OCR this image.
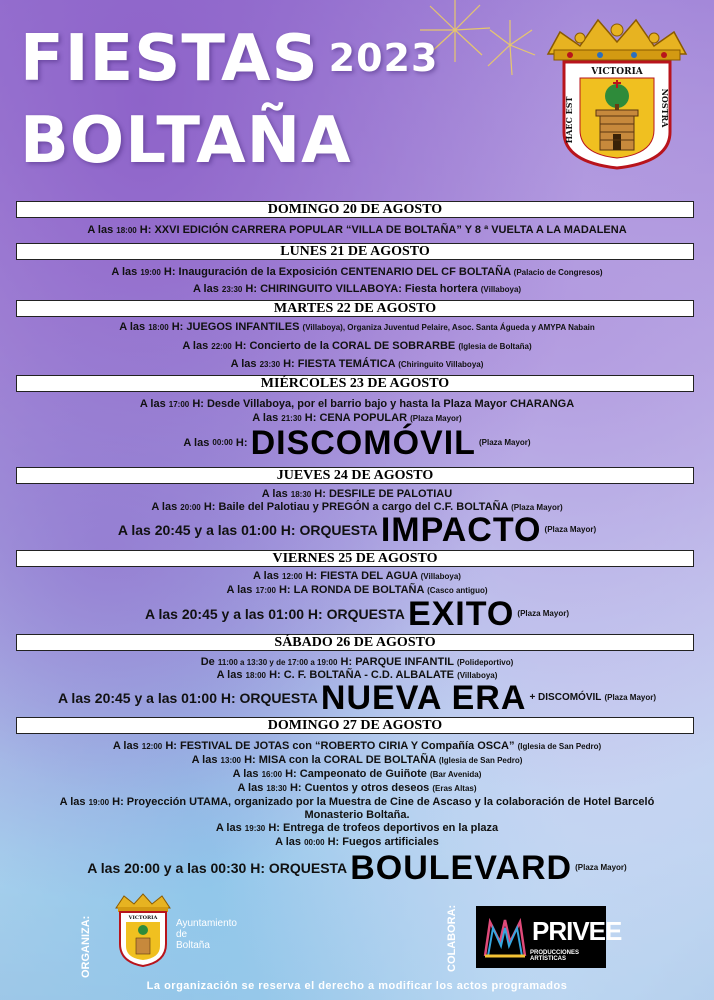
FIESTAS $^{2023}$
BOLTAÑA
VICTORIA
HAEC EST	NOSTRA
DOMINGO 20 DE AGOSTO
A las 18:00 H: XXVI EDICIÓN CARRERA POPULAR “VILLA DE BOLTAÑA” Y 8 ª VUELTA A LA MADALENA
LUNES 21 DE AGOSTO
A las 19:00 H: Inauguración de la Exposición CENTENARIO DEL CF BOLTAÑA (Palacio de Congresos)
A las 23:30 H: CHIRINGUITO VILLABOYA: Fiesta hortera (Villaboya)
MARTES 22 DE AGOSTO
A las 18:00 H: JUEGOS INFANTILES (Villaboya), Organiza Juventud Pelaire, Asoc. Santa Águeda y AMYPA Nabain
A las 22:00 H: Concierto de la CORAL DE SOBRARBE (Iglesia de Boltaña)
A las 23:30 H: FIESTA TEMÁTICA (Chiringuito Villaboya)
MIÉRCOLES 23 DE AGOSTO
A las 17:00 H: Desde Villaboya, por el barrio bajo y hasta la Plaza Mayor CHARANGA
A las 21:30 H: CENA POPULAR (Plaza Mayor)
A las 00:00 H: DISCOMÓVIL (Plaza Mayor)
JUEVES 24 DE AGOSTO
A las 18:30 H: DESFILE DE PALOTIAU
A las 20:00 H: Baile del Palotiau y PREGÓN a cargo del C.F. BOLTAÑA (Plaza Mayor)
A las 20:45 y a las 01:00 H: ORQUESTA IMPACTO (Plaza Mayor)
VIERNES 25 DE AGOSTO
A las 12:00 H: FIESTA DEL AGUA (Villaboya)
A las 17:00 H: LA RONDA DE BOLTAÑA (Casco antiguo)
A las 20:45 y a las 01:00 H: ORQUESTA EXITO (Plaza Mayor)
SÁBADO 26 DE AGOSTO
De 11:00 a 13:30 y de 17:00 a 19:00 H: PARQUE INFANTIL (Polideportivo)
A las 18:00 H: C. F. BOLTAÑA - C.D. ALBALATE (Villaboya)
A las 20:45 y a las 01:00 H: ORQUESTA NUEVA ERA + DISCOMÓVIL (Plaza Mayor)
DOMINGO 27 DE AGOSTO
A las 12:00 H: FESTIVAL DE JOTAS con “ROBERTO CIRIA Y Compañía OSCA” (Iglesia de San Pedro)
A las 13:00 H: MISA con la CORAL DE BOLTAÑA (Iglesia de San Pedro)
A las 16:00 H: Campeonato de Guiñote (Bar Avenida)
A las 18:30 H: Cuentos y otros deseos (Eras Altas)
A las 19:00 H: Proyección UTAMA, organizado por la Muestra de Cine de Ascaso y la colaboración de Hotel Barceló
Monasterio Boltaña.
A las 19:30 H: Entrega de trofeos deportivos en la plaza
A las 00:00 H: Fuegos artificiales
A las 20:00 y a las 00:30 H: ORQUESTA BOULEVARD (Plaza Mayor)
ORGANIZA:	VICTORIA Ayuntamiento
de
Boltaña	COLABORA:	PRIVEE
PRODUCCIONES ARTÍSTICAS
La organización se reserva el derecho a modificar los actos programados
